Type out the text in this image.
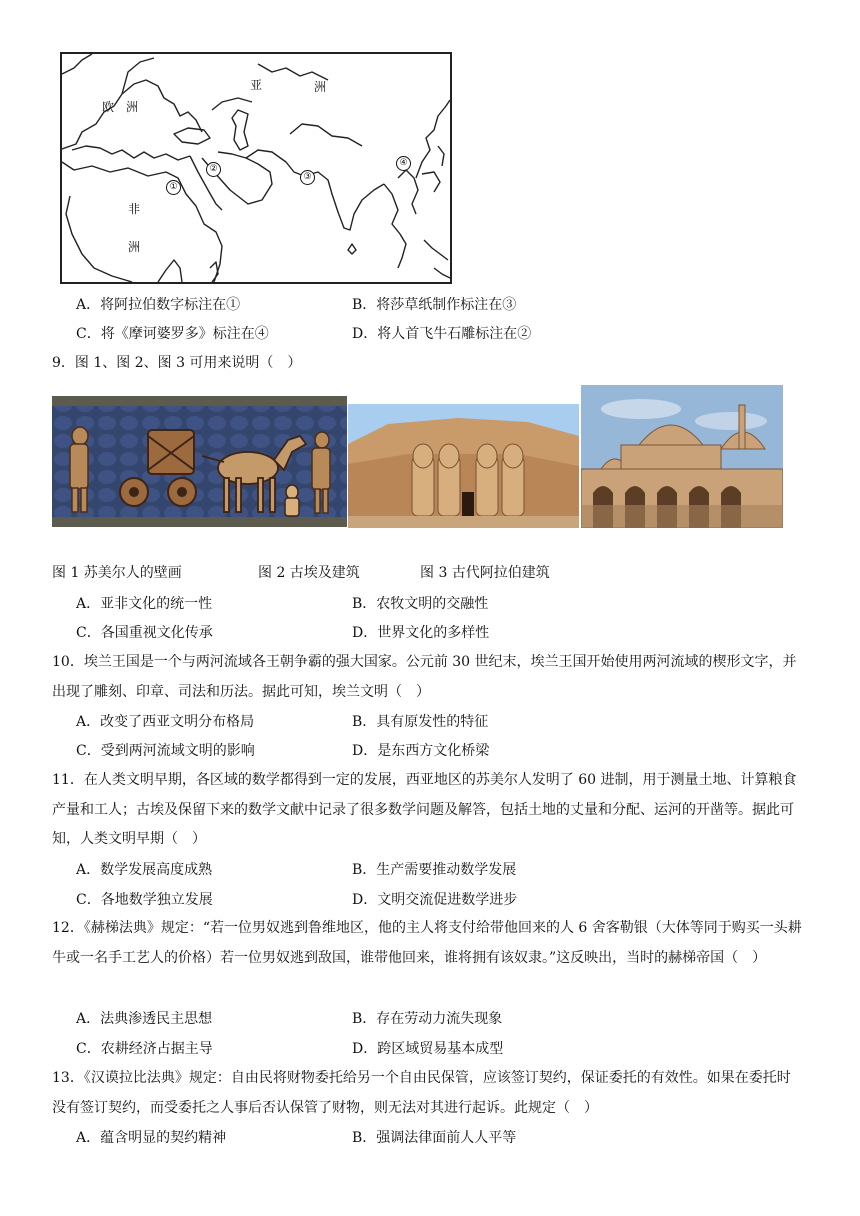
亚	洲
欧　洲
非
洲
①
②
③
④
A．将阿拉伯数字标注在①	B．将莎草纸制作标注在③
C．将《摩诃婆罗多》标注在④	D．将人首飞牛石雕标注在②
9．图 1、图 2、图 3 可用来说明（　）
图 1 苏美尔人的壁画	图 2 古埃及建筑	图 3 古代阿拉伯建筑
A．亚非文化的统一性	B．农牧文明的交融性
C．各国重视文化传承	D．世界文化的多样性
10．埃兰王国是一个与两河流域各王朝争霸的强大国家。公元前 30 世纪末，埃兰王国开始使用两河流域的楔形文字，并出现了雕刻、印章、司法和历法。据此可知，埃兰文明（　）
A．改变了西亚文明分布格局	B．具有原发性的特征
C．受到两河流域文明的影响	D．是东西方文化桥梁
11．在人类文明早期，各区域的数学都得到一定的发展，西亚地区的苏美尔人发明了 60 进制，用于测量土地、计算粮食产量和工人；古埃及保留下来的数学文献中记录了很多数学问题及解答，包括土地的丈量和分配、运河的开凿等。据此可知，人类文明早期（　）
A．数学发展高度成熟	B．生产需要推动数学发展
C．各地数学独立发展	D．文明交流促进数学进步
12．《赫梯法典》规定：“若一位男奴逃到鲁维地区，他的主人将支付给带他回来的人 6 舍客勒银（大体等同于购买一头耕牛或一名手工艺人的价格）若一位男奴逃到敌国，谁带他回来，谁将拥有该奴隶。”这反映出，当时的赫梯帝国（　）
A．法典渗透民主思想	B．存在劳动力流失现象
C．农耕经济占据主导	D．跨区域贸易基本成型
13．《汉谟拉比法典》规定：自由民将财物委托给另一个自由民保管，应该签订契约，保证委托的有效性。如果在委托时没有签订契约，而受委托之人事后否认保管了财物，则无法对其进行起诉。此规定（　）
A．蕴含明显的契约精神	B．强调法律面前人人平等
